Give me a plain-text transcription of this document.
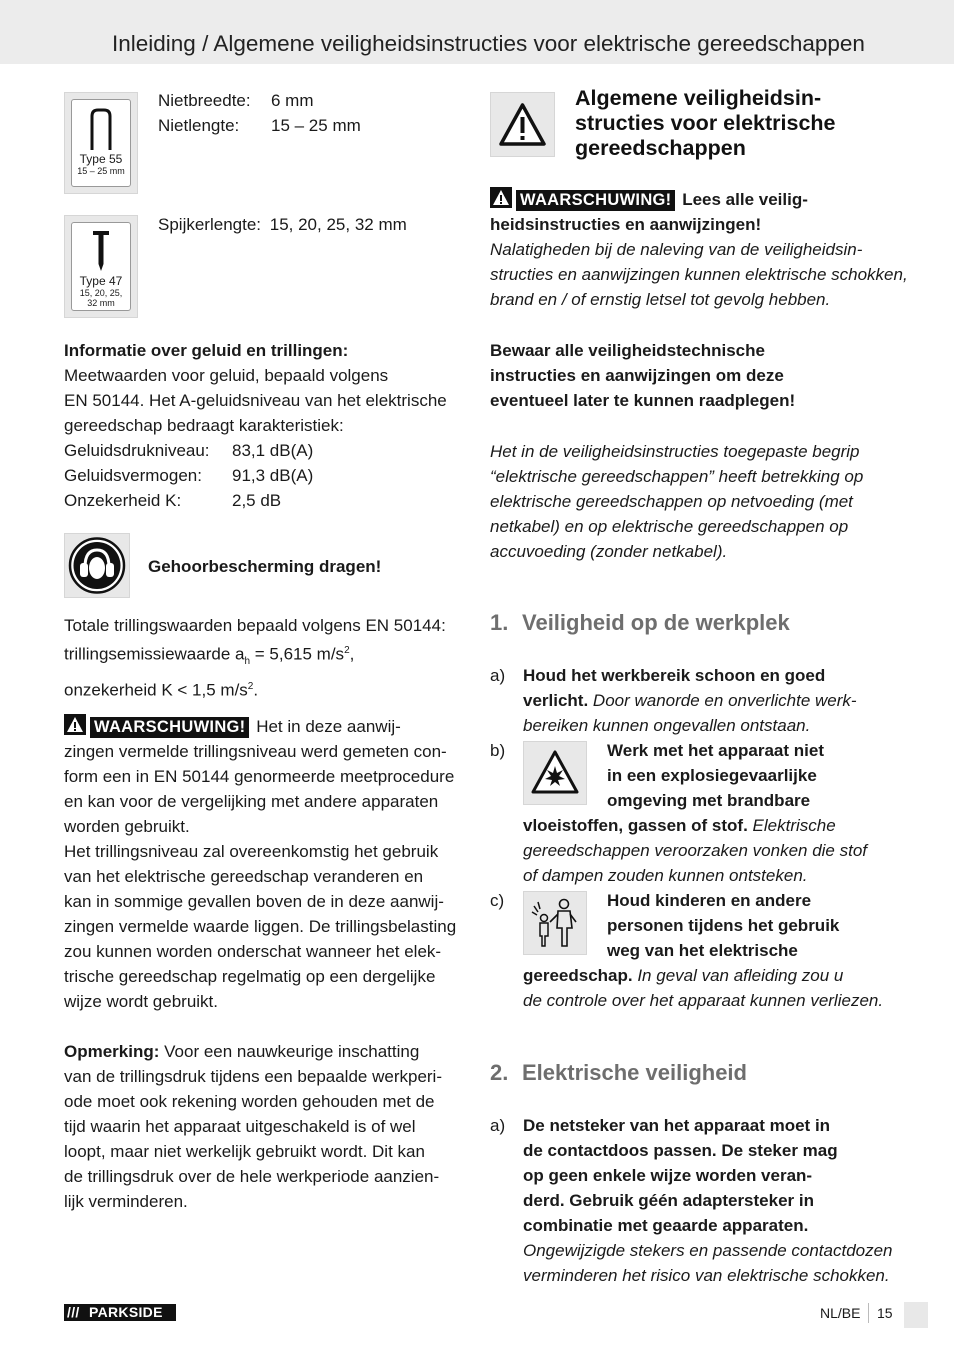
Inleiding / Algemene veiligheidsinstructies voor elektrische gereedschappen
Type 55
15 – 25 mm
Nietbreedte:	6 mm
Nietlengte:	15 – 25 mm
Type 47
15, 20, 25,
32 mm
Spijkerlengte: 15, 20, 25, 32 mm
Informatie over geluid en trillingen:
Meetwaarden voor geluid, bepaald volgens
EN 50144. Het A-geluidsniveau van het elektrische
gereedschap bedraagt karakteristiek:
Geluidsdrukniveau:	83,1 dB(A)
Geluidsvermogen:	91,3 dB(A)
Onzekerheid K:	2,5 dB
Gehoorbescherming dragen!
Totale trillingswaarden bepaald volgens EN 50144:
trillingsemissiewaarde $a_h = 5,615$ $m/s^2$,
onzekerheid K < 1,5 $m/s^2$.
WAARSCHUWING! Het in deze aanwij-
zingen vermelde trillingsniveau werd gemeten con-
form een in EN 50144 genormeerde meetprocedure
en kan voor de vergelijking met andere apparaten
worden gebruikt.
Het trillingsniveau zal overeenkomstig het gebruik
van het elektrische gereedschap veranderen en
kan in sommige gevallen boven de in deze aanwij-
zingen vermelde waarde liggen. De trillingsbelasting
zou kunnen worden onderschat wanneer het elek-
trische gereedschap regelmatig op een dergelijke
wijze wordt gebruikt.
Opmerking: Voor een nauwkeurige inschatting
van de trillingsdruk tijdens een bepaalde werkperi-
ode moet ook rekening worden gehouden met de
tijd waarin het apparaat uitgeschakeld is of wel
loopt, maar niet werkelijk gebruikt wordt. Dit kan
de trillingsdruk over de hele werkperiode aanzien-
lijk verminderen.
Algemene veiligheidsin-
structies voor elektrische
gereedschappen
WAARSCHUWING! Lees alle veilig-
heidsinstructies en aanwijzingen!
Nalatigheden bij de naleving van de veiligheidsin-
structies en aanwijzingen kunnen elektrische schokken,
brand en / of ernstig letsel tot gevolg hebben.
Bewaar alle veiligheidstechnische
instructies en aanwijzingen om deze
eventueel later te kunnen raadplegen!
Het in de veiligheidsinstructies toegepaste begrip
“elektrische gereedschappen” heeft betrekking op
elektrische gereedschappen op netvoeding (met
netkabel) en op elektrische gereedschappen op
accuvoeding (zonder netkabel).
1. Veiligheid op de werkplek
a) Houd het werkbereik schoon en goed
verlicht. Door wanorde en onverlichte werk-
bereiken kunnen ongevallen ontstaan.
b)	Werk met het apparaat niet
in een explosiegevaarlijke
omgeving met brandbare
vloeistoffen, gassen of stof. Elektrische
gereedschappen veroorzaken vonken die stof
of dampen zouden kunnen ontsteken.
c)	Houd kinderen en andere
personen tijdens het gebruik
weg van het elektrische
gereedschap. In geval van afleiding zou u
de controle over het apparaat kunnen verliezen.
2. Elektrische veiligheid
a) De netsteker van het apparaat moet in
de contactdoos passen. De steker mag
op geen enkele wijze worden veran-
derd. Gebruik géén adaptersteker in
combinatie met geaarde apparaten.
Ongewijzigde stekers en passende contactdozen
verminderen het risico van elektrische schokken.
/// PARKSIDE	NL/BE 15
